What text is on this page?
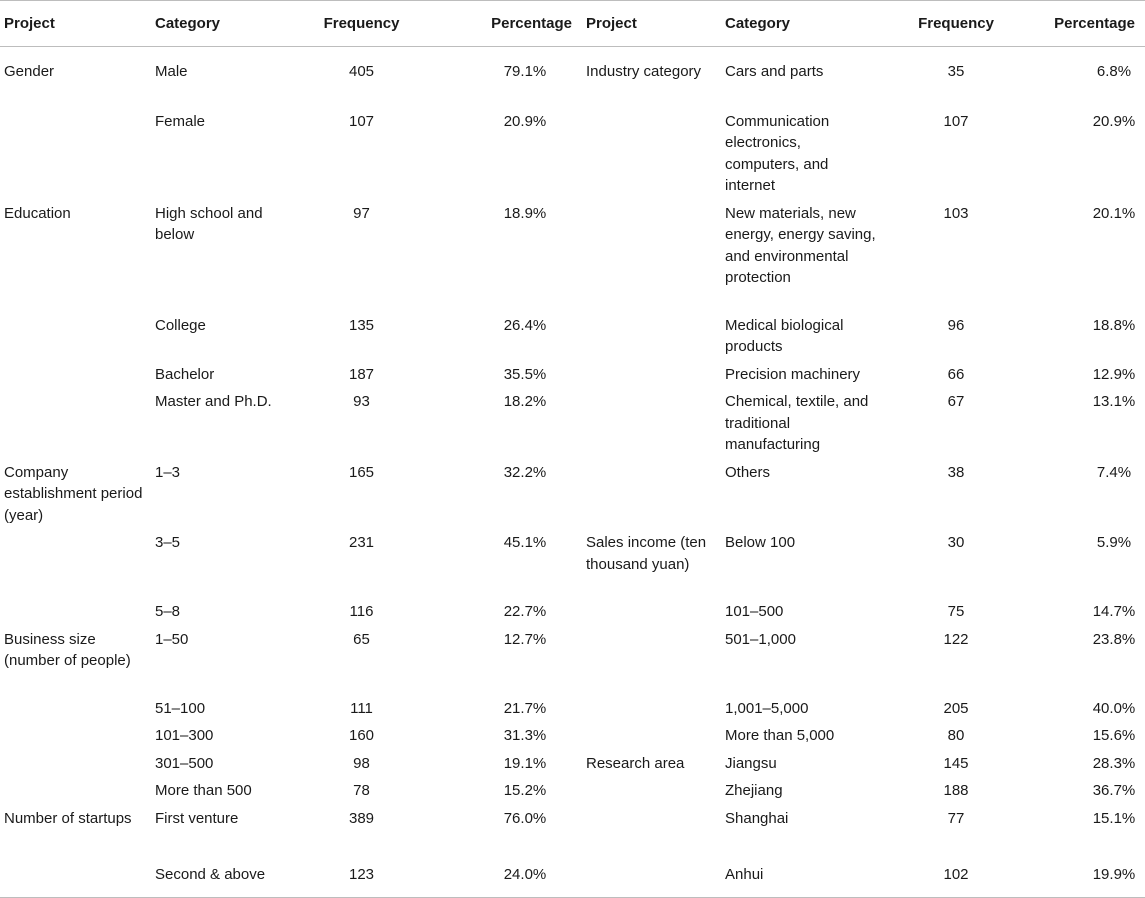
Project	Category	Frequency	Percentage	Project	Category	Frequency	Percentage

Gender	Male	405	79.1%	Industry category	Cars and parts	35	6.8%

	Female	107	20.9%		Communication electronics, computers, and internet	107	20.9%

Education	High school and below	97	18.9%		New materials, new energy, energy saving, and environmental protection	103	20.1%

	College	135	26.4%		Medical biological products	96	18.8%

	Bachelor	187	35.5%		Precision machinery	66	12.9%

	Master and Ph.D.	93	18.2%		Chemical, textile, and traditional manufacturing	67	13.1%

Company establishment period (year)	1–3	165	32.2%		Others	38	7.4%

	3–5	231	45.1%	Sales income (ten thousand yuan)	Below 100	30	5.9%

	5–8	116	22.7%		101–500	75	14.7%

Business size (number of people)	1–50	65	12.7%		501–1,000	122	23.8%

	51–100	111	21.7%		1,001–5,000	205	40.0%

	101–300	160	31.3%		More than 5,000	80	15.6%

	301–500	98	19.1%	Research area	Jiangsu	145	28.3%

	More than 500	78	15.2%		Zhejiang	188	36.7%

Number of startups	First venture	389	76.0%		Shanghai	77	15.1%

	Second & above	123	24.0%		Anhui	102	19.9%
